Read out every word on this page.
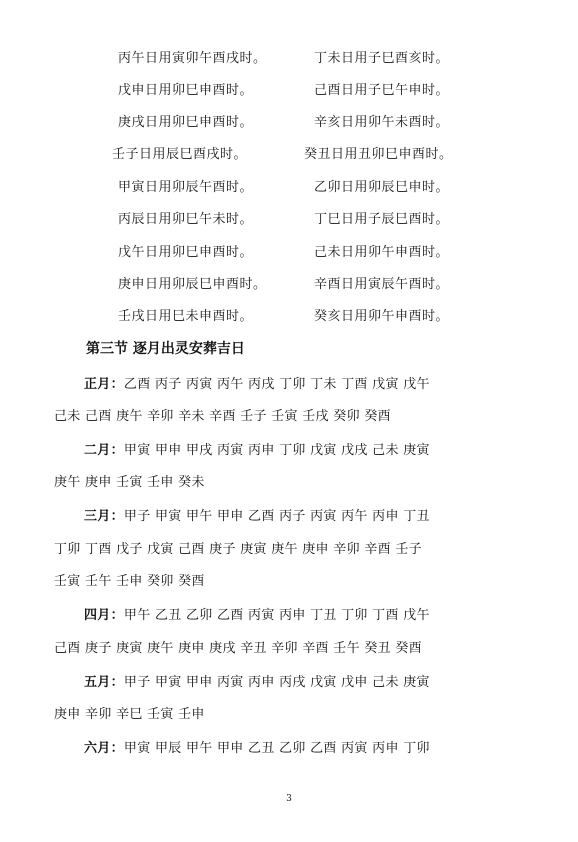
丙午日用寅卯午酉戌时。	丁未日用子巳酉亥时。
戊申日用卯巳申酉时。	己酉日用子巳午申时。
庚戌日用卯巳申酉时。	辛亥日用卯午未酉时。
壬子日用辰巳酉戌时。	癸丑日用丑卯巳申酉时。
甲寅日用卯辰午酉时。	乙卯日用卯辰巳申时。
丙辰日用卯巳午未时。	丁巳日用子辰巳酉时。
戊午日用卯巳申酉时。	己未日用卯午申酉时。
庚申日用卯辰巳申酉时。	辛酉日用寅辰午酉时。
壬戌日用巳未申酉时。	癸亥日用卯午申酉时。
第三节 逐月出灵安葬吉日
正月：乙酉 丙子 丙寅 丙午 丙戌 丁卯 丁未 丁酉 戊寅 戊午
己未 己酉 庚午 辛卯 辛未 辛酉 壬子 壬寅 壬戌 癸卯 癸酉
二月：甲寅 甲申 甲戌 丙寅 丙申 丁卯 戊寅 戊戌 己未 庚寅
庚午 庚申 壬寅 壬申 癸未
三月：甲子 甲寅 甲午 甲申 乙酉 丙子 丙寅 丙午 丙申 丁丑
丁卯 丁酉 戊子 戊寅 己酉 庚子 庚寅 庚午 庚申 辛卯 辛酉 壬子
壬寅 壬午 壬申 癸卯 癸酉
四月：甲午 乙丑 乙卯 乙酉 丙寅 丙申 丁丑 丁卯 丁酉 戊午
己酉 庚子 庚寅 庚午 庚申 庚戌 辛丑 辛卯 辛酉 壬午 癸丑 癸酉
五月：甲子 甲寅 甲申 丙寅 丙申 丙戌 戊寅 戊申 己未 庚寅
庚申 辛卯 辛巳 壬寅 壬申
六月：甲寅 甲辰 甲午 甲申 乙丑 乙卯 乙酉 丙寅 丙申 丁卯
3
